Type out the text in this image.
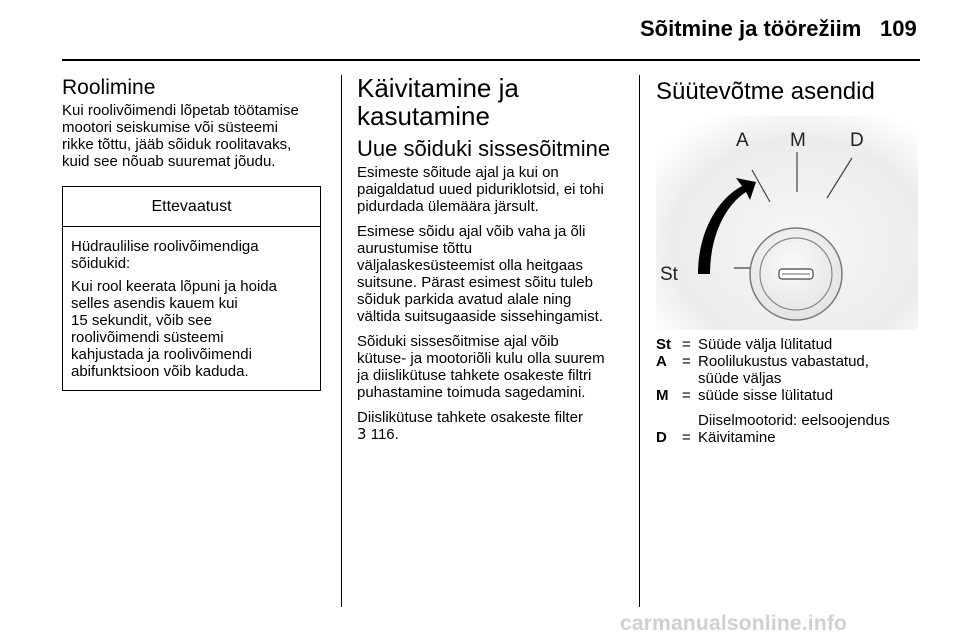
Sõitmine ja töörežiim 109
Roolimine

Kui roolivõimendi lõpetab töötamise
mootori seiskumise või süsteemi
rikke tõttu, jääb sõiduk roolitavaks,
kuid see nõuab suuremat jõudu.

Ettevaatust

Hüdraulilise roolivõimendiga
sõidukid:

Kui rool keerata lõpuni ja hoida
selles asendis kauem kui
15 sekundit, võib see
roolivõimendi süsteemi
kahjustada ja roolivõimendi
abifunktsioon võib kaduda.

Käivitamine ja
kasutamine
Uue sõiduki sissesõitmine

Esimeste sõitude ajal ja kui on
paigaldatud uued piduriklotsid, ei tohi
pidurdada ülemäära järsult.

Esimese sõidu ajal võib vaha ja õli
aurustumise tõttu
väljalaskesüsteemist olla heitgaas
suitsune. Pärast esimest sõitu tuleb
sõiduk parkida avatud alale ning
vältida suitsugaaside sissehingamist.

Sõiduki sissesõitmise ajal võib
kütuse- ja mootoriõli kulu olla suurem
ja diislikütuse tahkete osakeste filtri
puhastamine toimuda sagedamini.

Diislikütuse tahkete osakeste filter
3 116.

Süütevõtme asendid
St
A M D
St = Süüde välja lülitatud
A	= Roolilukustus vabastatud,
süüde väljas
M = süüde sisse lülitatud
Diiselmootorid: eelsoojendus
D	= Käivitamine
carmanualsonline.info
